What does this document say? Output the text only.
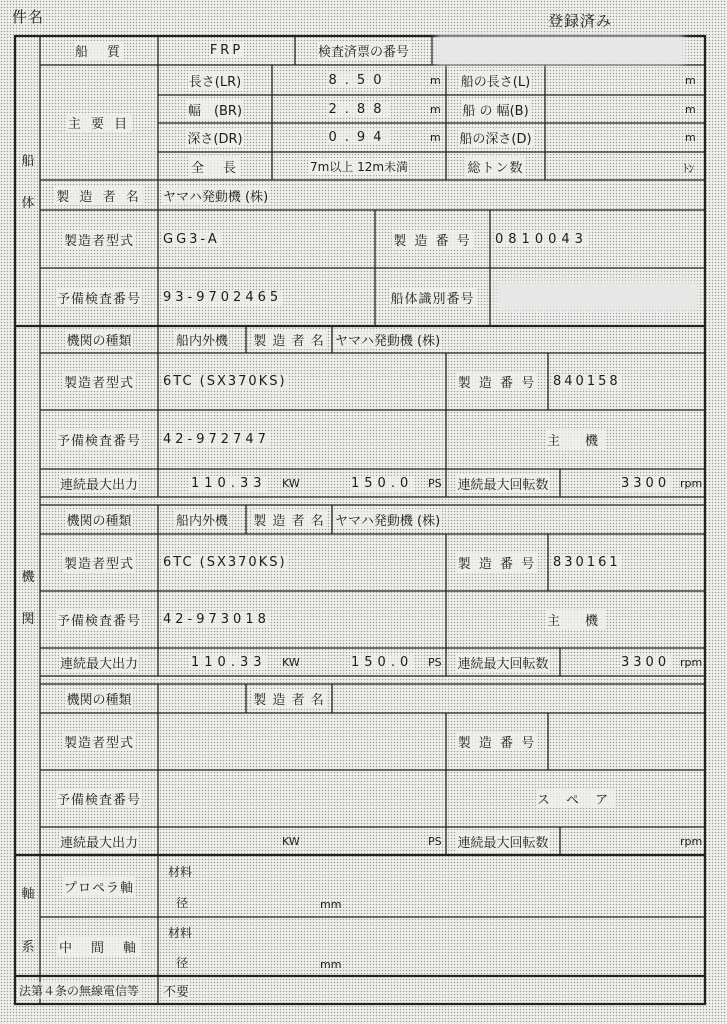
件名	登録済み
船
体
機
関
軸
系
船　質	FRP	検査済票の番号
主 要 目
長さ(LR)	8.50	m 船の長さ(L)	m
幅　(BR)	2.88	m 船 の 幅(B)	m
深さ(DR)	0.94	m 船の深さ(D)	m
全　長	7m以上 12m未満	総トン数	ﾄﾝ
製 造 者 名 ヤマハ発動機 (株)
製造者型式 GG3-A	製 造 番 号 0810043
予備検査番号 93-9702465	船体識別番号
機関の種類	船内外機 製 造 者 名 ヤマハ発動機 (株)
製造者型式 6TC (SX370KS)	製 造 番 号 840158
予備検査番号 42-972747	主　機
連続最大出力	110.33 KW	150.0 PS 連続最大回転数	3300 rpm
機関の種類	船内外機 製 造 者 名 ヤマハ発動機 (株)
製造者型式 6TC (SX370KS)	製 造 番 号 830161
予備検査番号 42-973018	主　機
連続最大出力	110.33 KW	150.0 PS 連続最大回転数	3300 rpm
機関の種類	製 造 者 名
製造者型式	製 造 番 号
予備検査番号	ス ペ ア
連続最大出力	KW	PS 連続最大回転数	rpm
プロペラ軸
材料
径	mm
中　間　軸
材料
径	mm
法第４条の無線電信等 不要
